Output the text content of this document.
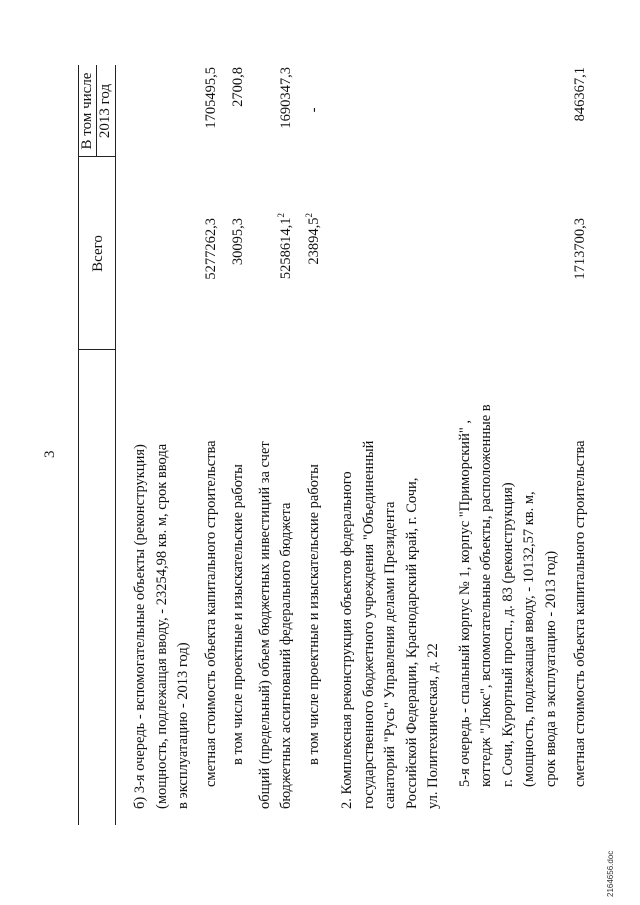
3
Всего
В том числе 2013 год
б) 3-я очередь - вспомогательные объекты (реконструкция) (мощность, подлежащая вводу, - 23254,98 кв. м, срок ввода в эксплуатацию - 2013 год) сметная стоимость объекта капитального строительства
5277262,3
1705495,5
в том числе проектные и изыскательские работы
30095,3
2700,8
общий (предельный) объем бюджетных инвестиций за счет бюджетных ассигнований федерального бюджета
5258614,1$^2$
1690347,3
в том числе проектные и изыскательские работы
23894,5$^2$
-
2. Комплексная реконструкция объектов федерального государственного бюджетного учреждения "Объединенный санаторий "Русь" Управления делами Президента Российской Федерации, Краснодарский край, г. Сочи, ул. Политехническая, д. 22 5-я очередь - спальный корпус № 1, корпус "Приморский" , коттедж "Люкс", вспомогательные объекты, расположенные в г. Сочи, Курортный просп., д. 83 (реконструкция) (мощность, подлежащая вводу, - 10132,57 кв. м, срок ввода в эксплуатацию - 2013 год) сметная стоимость объекта капитального строительства
1713700,3
846367,1
2164656.doc
